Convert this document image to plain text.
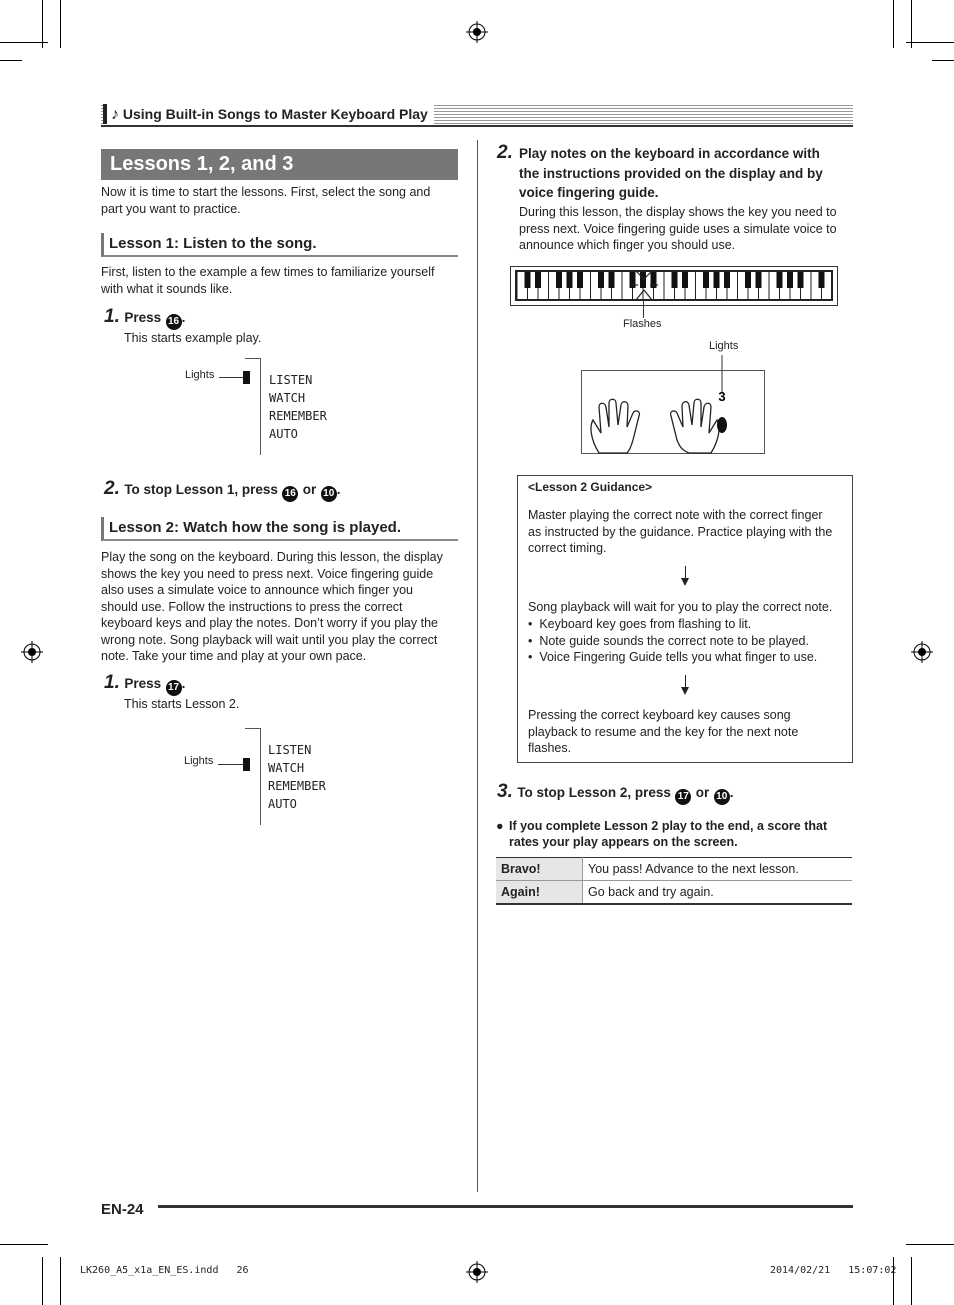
♪ Using Built-in Songs to Master Keyboard Play
Lessons 1, 2, and 3
Now it is time to start the lessons. First, select the song and
part you want to practice.
Lesson 1: Listen to the song.
First, listen to the example a few times to familiarize yourself
with what it sounds like.
1. Press 16 .
This starts example play.
Lights	LISTEN
WATCH
REMEMBER
AUTO
2. To stop Lesson 1, press 16 or 10 .
Lesson 2: Watch how the song is played.
Play the song on the keyboard. During this lesson, the display
shows the key you need to press next. Voice fingering guide
also uses a simulate voice to announce which finger you
should use. Follow the instructions to press the correct
keyboard keys and play the notes. Don’t worry if you play the
wrong note. Song playback will wait until you play the correct
note. Take your time and play at your own pace.
1. Press 17 .
This starts Lesson 2.
Lights
LISTEN
WATCH
REMEMBER
AUTO
2. Play notes on the keyboard in accordance with
the instructions provided on the display and by
voice fingering guide.
During this lesson, the display shows the key you need to
press next. Voice fingering guide uses a simulate voice to
announce which finger you should use.
Flashes
Lights
3
<Lesson 2 Guidance>
Master playing the correct note with the correct finger
as instructed by the guidance. Practice playing with the
correct timing.
Song playback will wait for you to play the correct note.
•  Keyboard key goes from flashing to lit.
•  Note guide sounds the correct note to be played.
•  Voice Fingering Guide tells you what finger to use.
Pressing the correct keyboard key causes song
playback to resume and the key for the next note
flashes.
3. To stop Lesson 2, press 17 or 10 .
● If you complete Lesson 2 play to the end, a score that
rates your play appears on the screen.
Bravo!	You pass! Advance to the next lesson.
Again!	Go back and try again.
EN-24
LK260_A5_x1a_EN_ES.indd   26	2014/02/21   15:07:02
